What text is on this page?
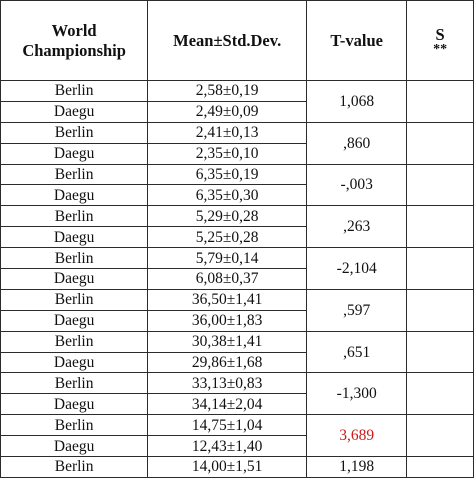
World Championship	Mean±Std.Dev.	T-value	S
**

Berlin	2,58±0,19	1,068	
Daegu	2,49±0,09		
Berlin	2,41±0,13	,860	
Daegu	2,35±0,10		
Berlin	6,35±0,19	-,003	
Daegu	6,35±0,30		
Berlin	5,29±0,28	,263	
Daegu	5,25±0,28		
Berlin	5,79±0,14	-2,104	
Daegu	6,08±0,37		
Berlin	36,50±1,41	,597	
Daegu	36,00±1,83		
Berlin	30,38±1,41	,651	
Daegu	29,86±1,68		
Berlin	33,13±0,83	-1,300	
Daegu	34,14±2,04		
Berlin	14,75±1,04	3,689	
Daegu	12,43±1,40		
Berlin	14,00±1,51	1,198	
